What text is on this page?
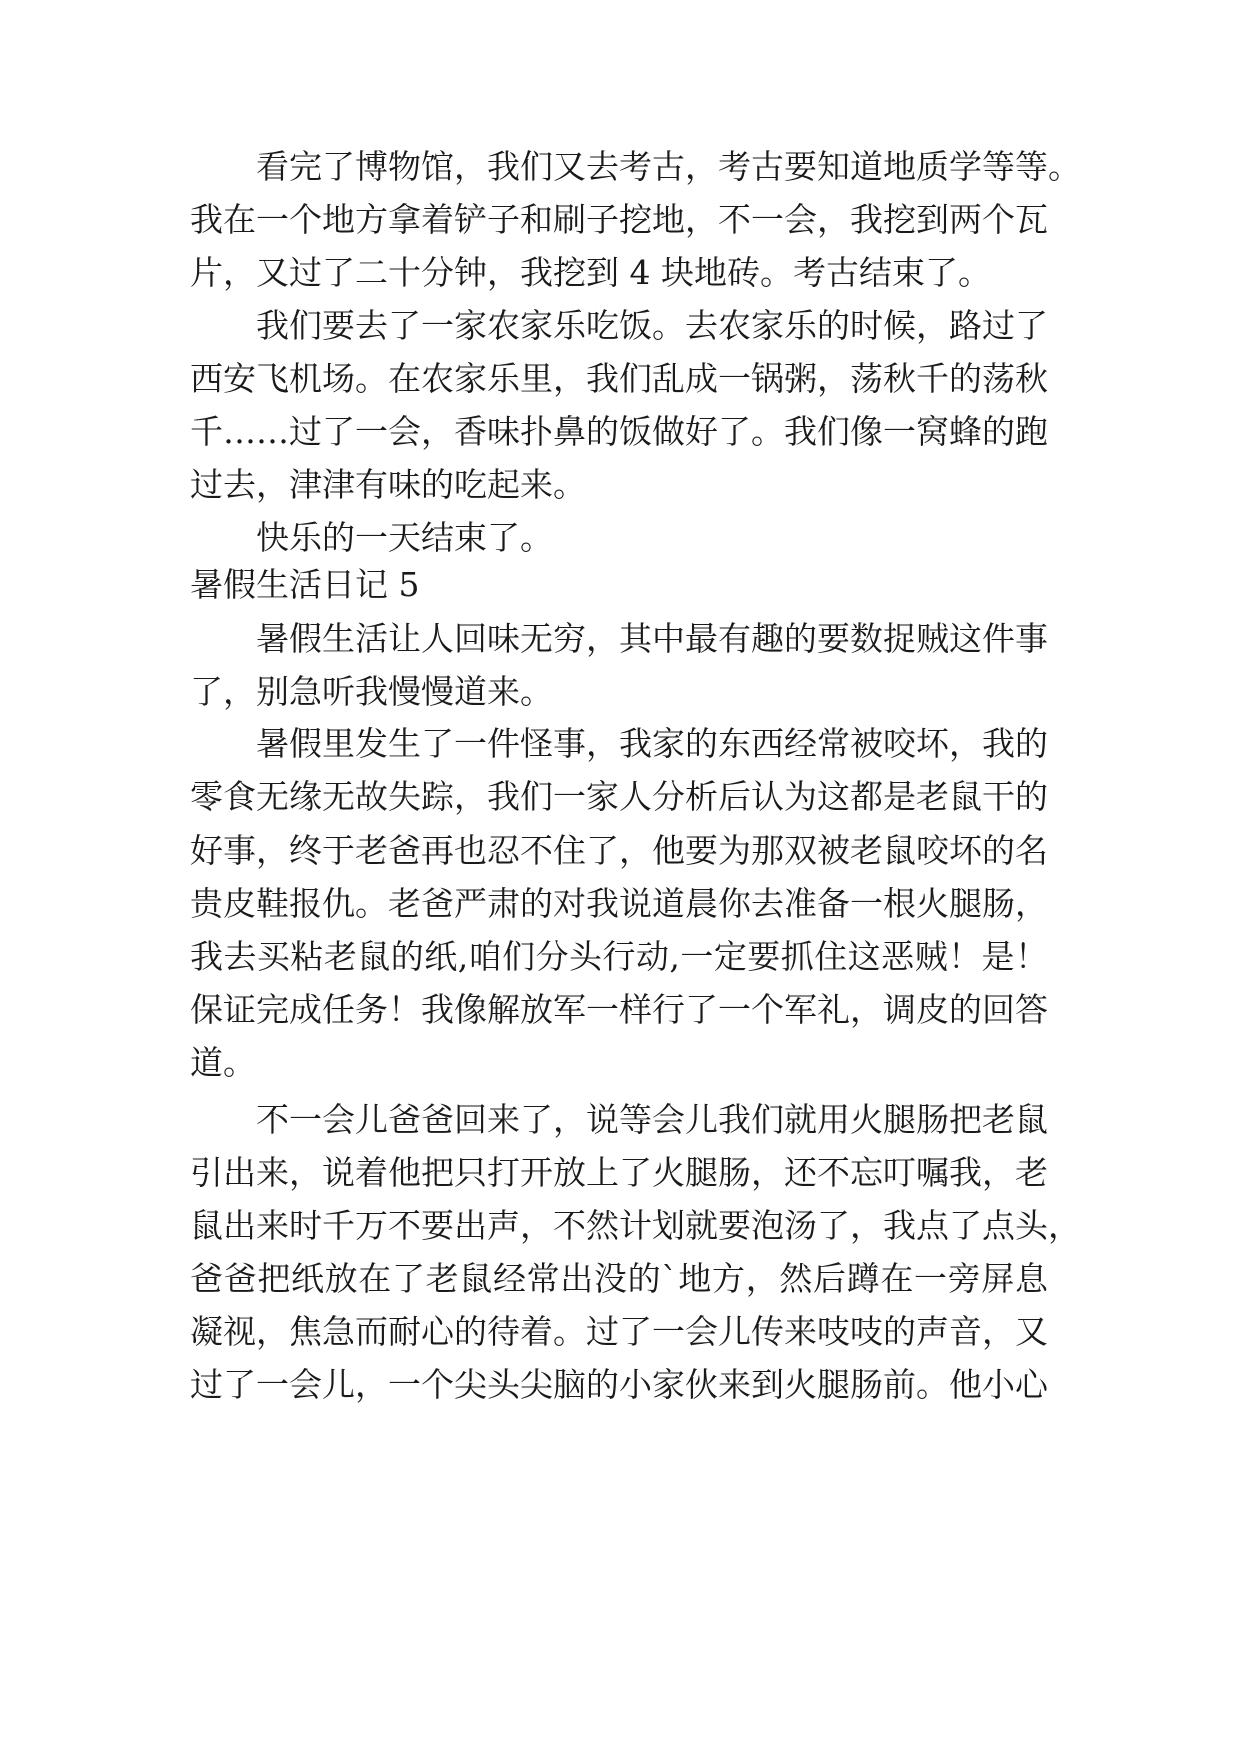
看完了博物馆，我们又去考古，考古要知道地质学等等。
我在一个地方拿着铲子和刷子挖地，不一会，我挖到两个瓦
片，又过了二十分钟，我挖到 4 块地砖。考古结束了。
我们要去了一家农家乐吃饭。去农家乐的时候，路过了
西安飞机场。在农家乐里，我们乱成一锅粥，荡秋千的荡秋
千……过了一会，香味扑鼻的饭做好了。我们像一窝蜂的跑
过去，津津有味的吃起来。
快乐的一天结束了。
暑假生活日记 5
暑假生活让人回味无穷，其中最有趣的要数捉贼这件事
了，别急听我慢慢道来。
暑假里发生了一件怪事，我家的东西经常被咬坏，我的
零食无缘无故失踪，我们一家人分析后认为这都是老鼠干的
好事，终于老爸再也忍不住了，他要为那双被老鼠咬坏的名
贵皮鞋报仇。老爸严肃的对我说道晨你去准备一根火腿肠，
我去买粘老鼠的纸,咱们分头行动,一定要抓住这恶贼！是！
保证完成任务！我像解放军一样行了一个军礼，调皮的回答
道。
不一会儿爸爸回来了，说等会儿我们就用火腿肠把老鼠
引出来，说着他把只打开放上了火腿肠，还不忘叮嘱我，老
鼠出来时千万不要出声，不然计划就要泡汤了，我点了点头，
爸爸把纸放在了老鼠经常出没的`地方，然后蹲在一旁屏息
凝视，焦急而耐心的待着。过了一会儿传来吱吱的声音，又
过了一会儿，一个尖头尖脑的小家伙来到火腿肠前。他小心
